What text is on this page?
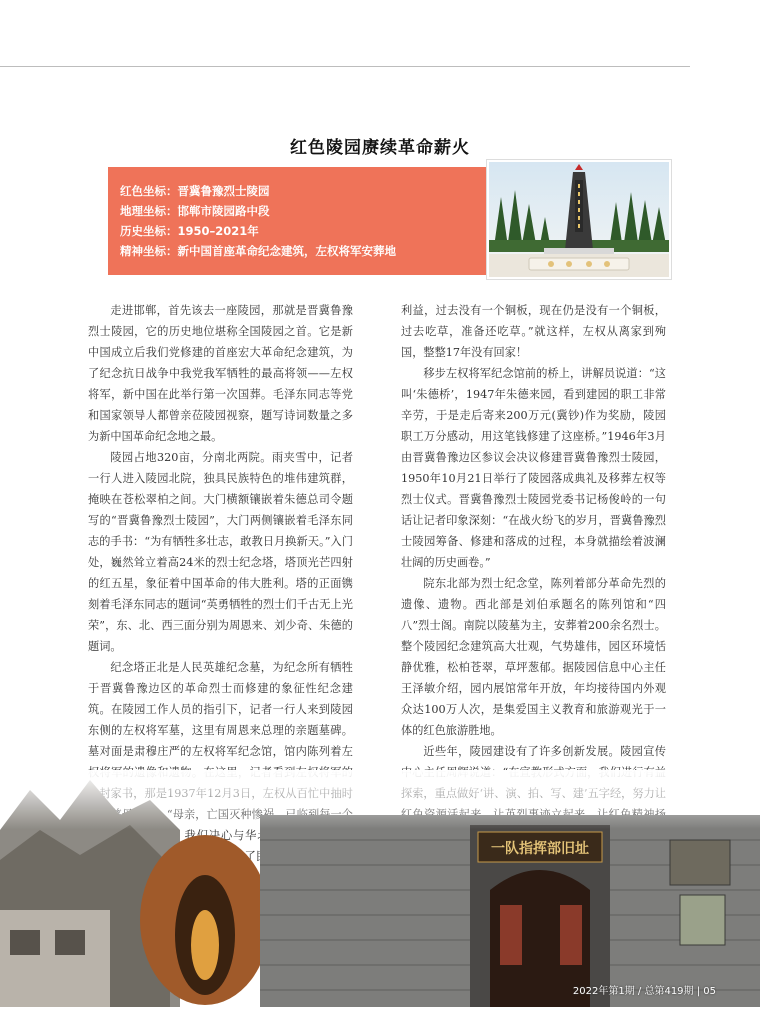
红色陵园赓续革命薪火
红色坐标：晋冀鲁豫烈士陵园
地理坐标：邯郸市陵园路中段
历史坐标：1950–2021年
精神坐标：新中国首座革命纪念建筑，左权将军安葬地

走进邯郸，首先该去一座陵园，那就是晋冀鲁豫烈士陵园，它的历史地位堪称全国陵园之首。它是新中国成立后我们党修建的首座宏大革命纪念建筑，为了纪念抗日战争中我党我军牺牲的最高将领——左权将军，新中国在此举行第一次国葬。毛泽东同志等党和国家领导人都曾亲莅陵园视察，题写诗词数量之多为新中国革命纪念地之最。

陵园占地320亩，分南北两院。雨夹雪中，记者一行人进入陵园北院，独具民族特色的堆伟建筑群，掩映在苍松翠柏之间。大门横额镶嵌着朱德总司令题写的“晋冀鲁豫烈士陵园”，大门两侧镶嵌着毛泽东同志的手书：“为有牺牲多壮志，敢教日月换新天。”入门处，巍然耸立着高24米的烈士纪念塔，塔顶光芒四射的红五星，象征着中国革命的伟大胜利。塔的正面镌刻着毛泽东同志的题词“英勇牺牲的烈士们千古无上光荣”，东、北、西三面分别为周恩来、刘少奇、朱德的题词。

纪念塔正北是人民英雄纪念墓，为纪念所有牺牲于晋冀鲁豫边区的革命烈士而修建的象征性纪念建筑。在陵园工作人员的指引下，记者一行人来到陵园东侧的左权将军墓，这里有周恩来总理的亲题墓碑。墓对面是肃穆庄严的左权将军纪念馆，馆内陈列着左

利益，过去没有一个铜板，现在仍是没有一个铜板，过去吃草，准备还吃草。”就这样，左权从离家到殉国，整整17年没有回家！

移步左权将军纪念馆前的桥上，讲解员说道：“这叫‘朱德桥’，1947年朱德来园，看到建园的职工非常辛劳，于是走后寄来200万元(冀钞)作为奖励，陵园职工万分感动，用这笔钱修建了这座桥。”1946年3月由晋冀鲁豫边区参议会决议修建晋冀鲁豫烈士陵园，1950年10月21日举行了陵园落成典礼及移葬左权等烈士仪式。晋冀鲁豫烈士陵园党委书记杨俊岭的一句话让记者印象深刻：“在战火纷飞的岁月，晋冀鲁豫烈士陵园筹备、修建和落成的过程，本身就描绘着波澜壮阔的历史画卷。”

院东北部为烈士纪念堂，陈列着部分革命先烈的遗像、遗物。西北部是刘伯承题名的陈列馆和“四八”烈士阁。南院以陵墓为主，安葬着200余名烈士。整个陵园纪念建筑高大壮观，气势雄伟，园区环境恬静优雅，松柏苍翠，草坪葱郁。据陵园信息中心主任王泽敏介绍，园内展馆常年开放，年均接待国内外观众达100万人次，是集爱国主义教育和旅游观光于一体的红色旅游胜地。

近些年，陵园建设有了许多创新发展。陵园宣传

2022年第1期 / 总第419期 | 05
